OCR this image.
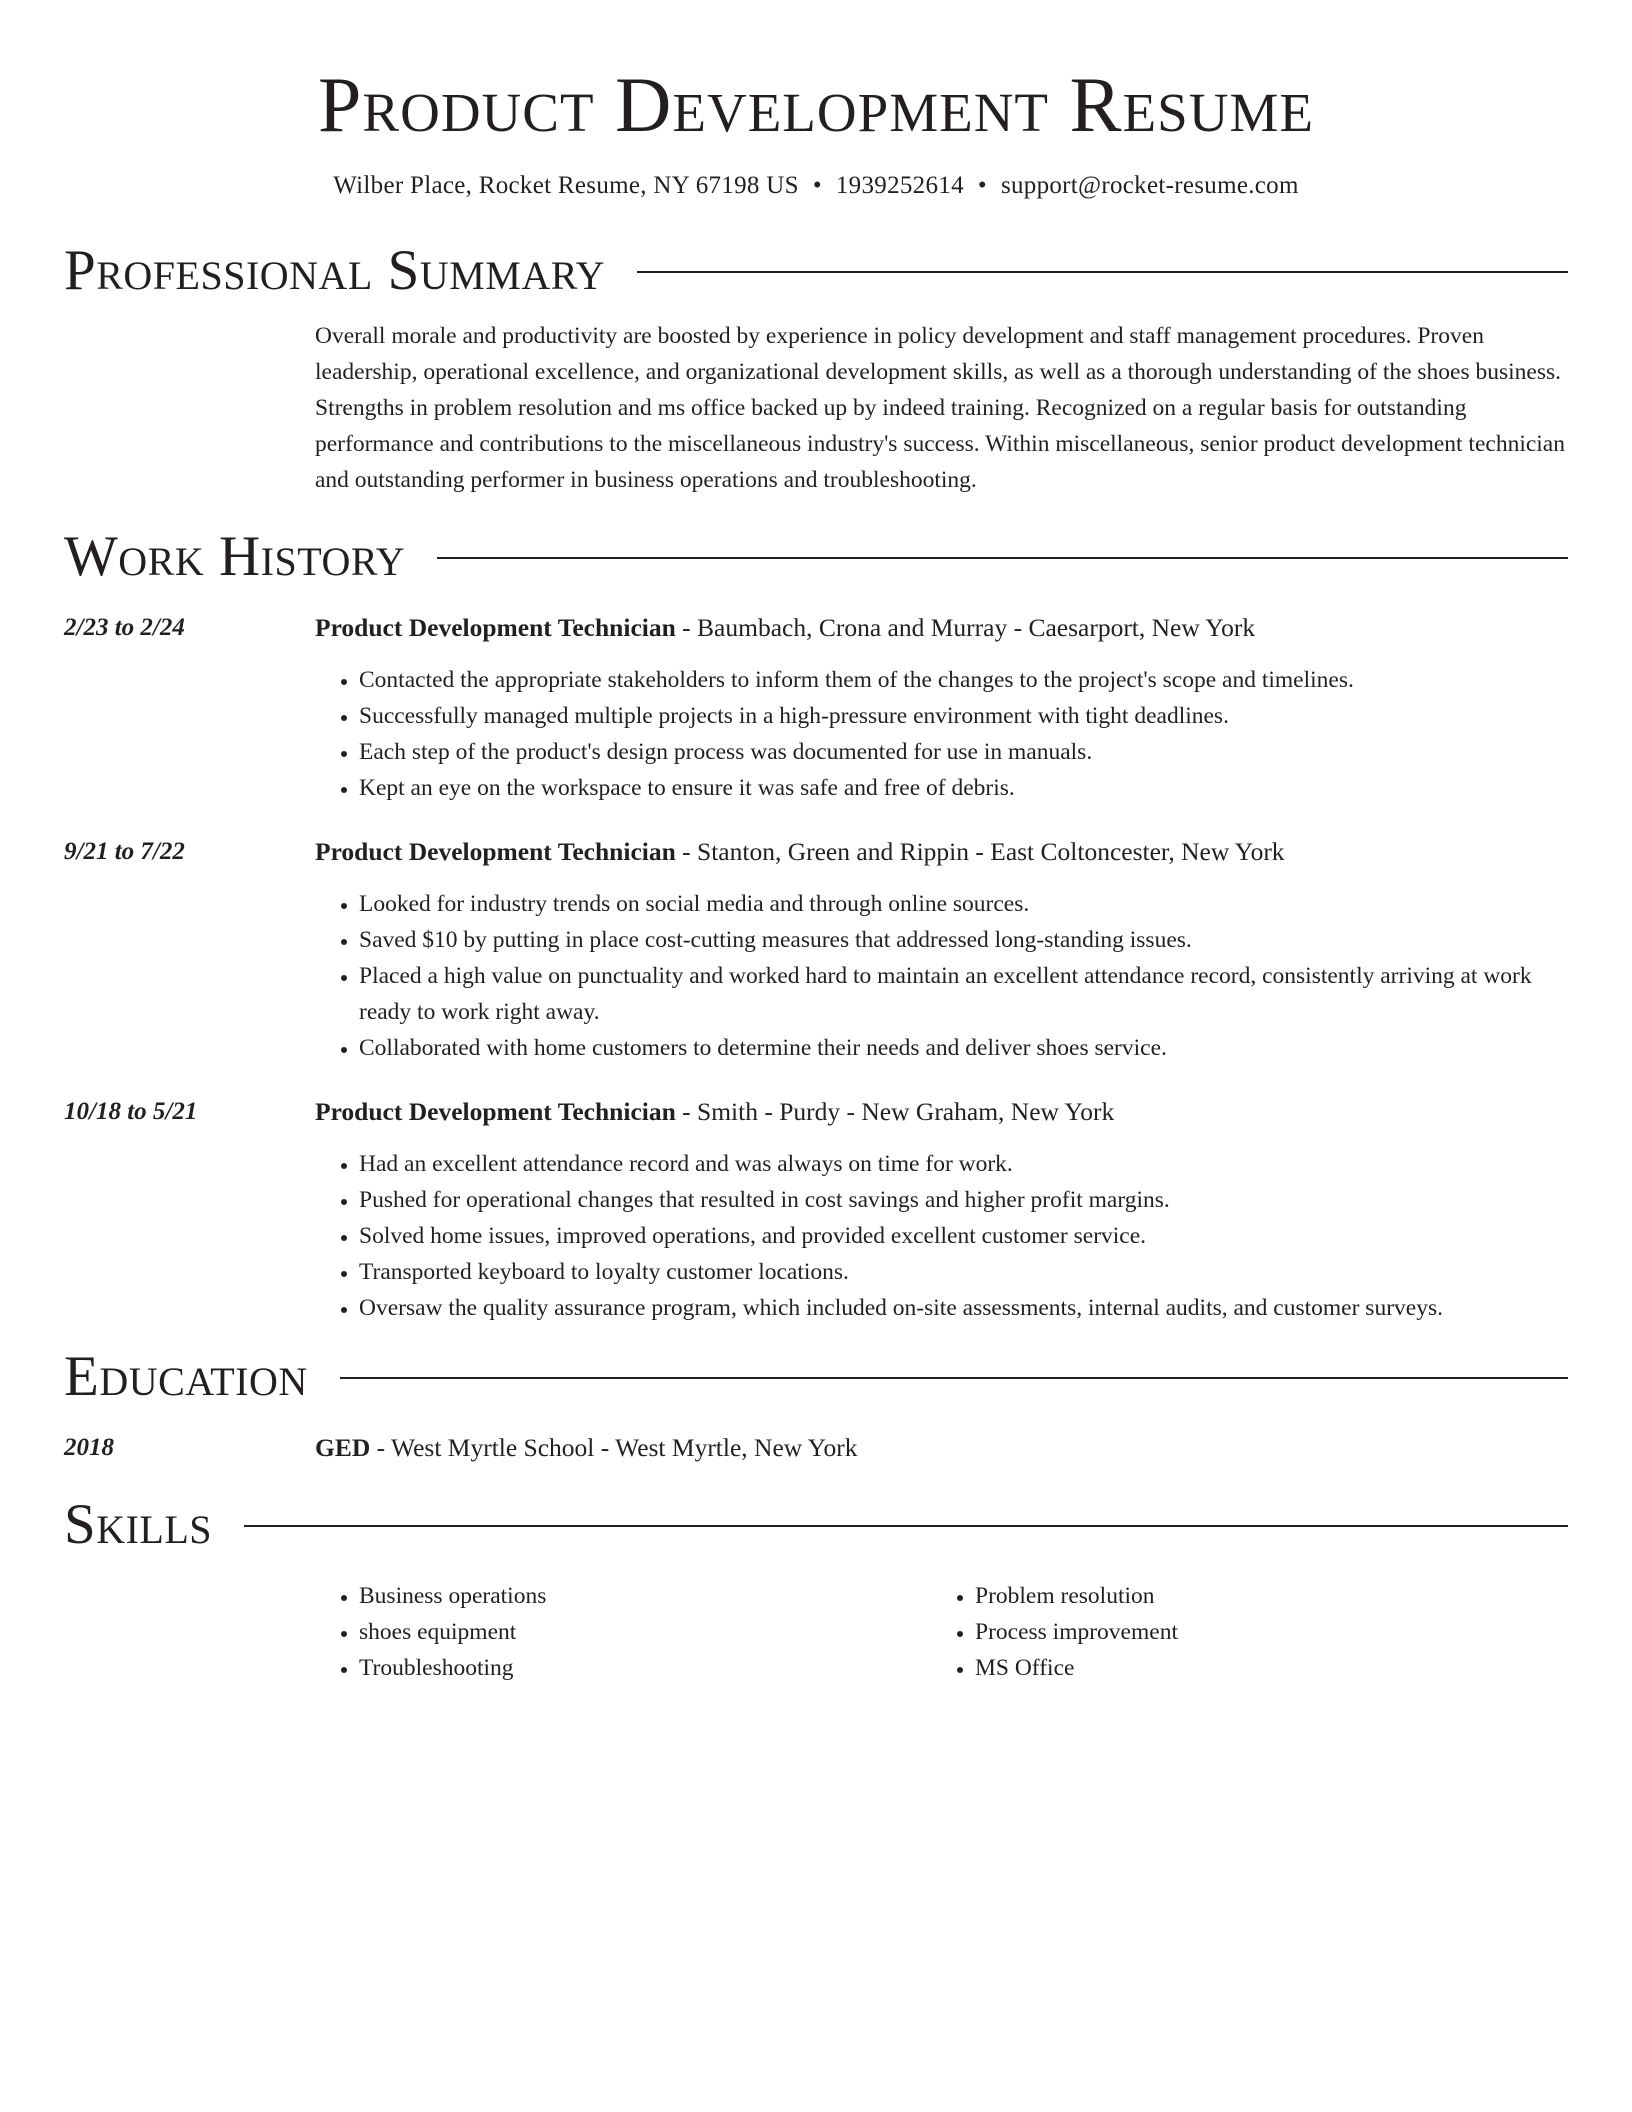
Product Development Resume
Wilber Place, Rocket Resume, NY 67198 US • 1939252614 • support@rocket-resume.com
Professional Summary

Overall morale and productivity are boosted by experience in policy development and staff management procedures. Proven leadership, operational excellence, and organizational development skills, as well as a thorough understanding of the shoes business. Strengths in problem resolution and ms office backed up by indeed training. Recognized on a regular basis for outstanding performance and contributions to the miscellaneous industry's success. Within miscellaneous, senior product development technician and outstanding performer in business operations and troubleshooting.

Work History
2/23 to 2/24	Product Development Technician - Baumbach, Crona and Murray - Caesarport, New York
• Contacted the appropriate stakeholders to inform them of the changes to the project's scope and timelines.
• Successfully managed multiple projects in a high-pressure environment with tight deadlines.
• Each step of the product's design process was documented for use in manuals.
• Kept an eye on the workspace to ensure it was safe and free of debris.
9/21 to 7/22	Product Development Technician - Stanton, Green and Rippin - East Coltoncester, New York
• Looked for industry trends on social media and through online sources.
• Saved $10 by putting in place cost-cutting measures that addressed long-standing issues.
• Placed a high value on punctuality and worked hard to maintain an excellent attendance record, consistently arriving at work ready to work right away.
• Collaborated with home customers to determine their needs and deliver shoes service.
10/18 to 5/21	Product Development Technician - Smith - Purdy - New Graham, New York
• Had an excellent attendance record and was always on time for work.
• Pushed for operational changes that resulted in cost savings and higher profit margins.
• Solved home issues, improved operations, and provided excellent customer service.
• Transported keyboard to loyalty customer locations.
• Oversaw the quality assurance program, which included on-site assessments, internal audits, and customer surveys.
Education
2018	GED - West Myrtle School - West Myrtle, New York
Skills
• Business operations
• shoes equipment
• Troubleshooting
• Problem resolution
• Process improvement
• MS Office
